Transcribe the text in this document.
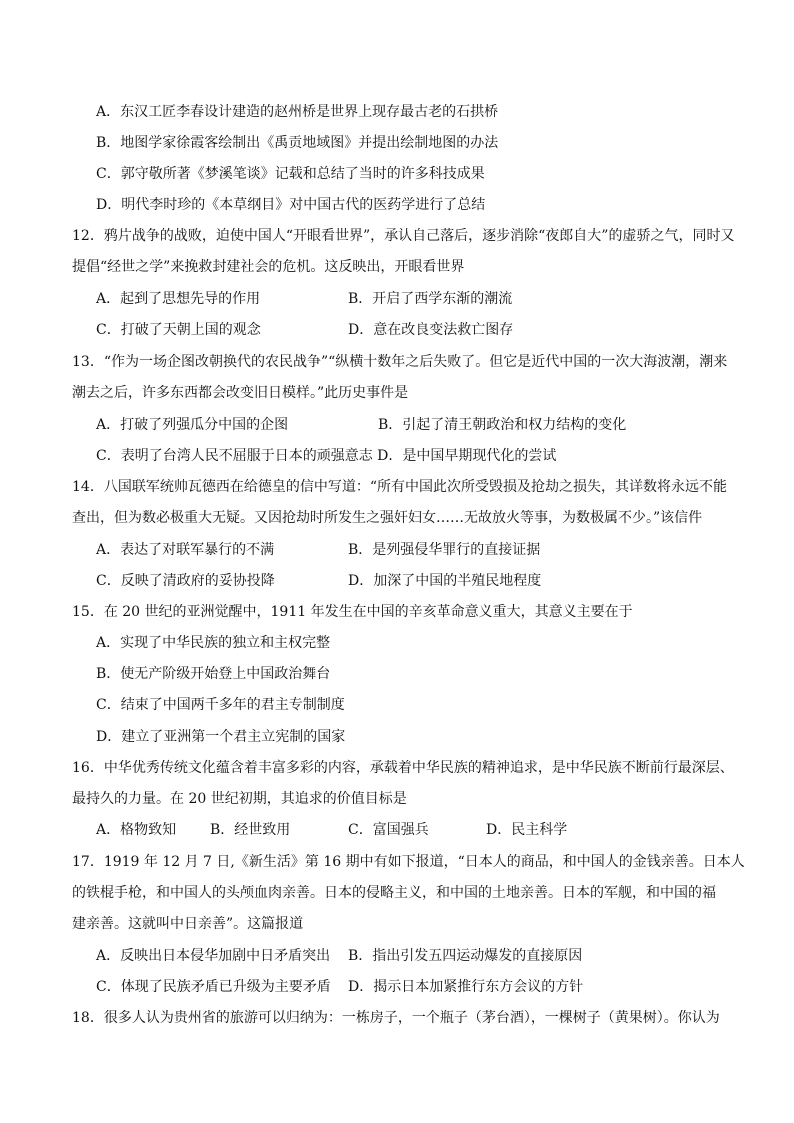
A．东汉工匠李春设计建造的赵州桥是世界上现存最古老的石拱桥
B．地图学家徐霞客绘制出《禹贡地域图》并提出绘制地图的办法
C．郭守敬所著《梦溪笔谈》记载和总结了当时的许多科技成果
D．明代李时珍的《本草纲目》对中国古代的医药学进行了总结
12．鸦片战争的战败，迫使中国人“开眼看世界”，承认自己落后，逐步消除“夜郎自大”的虚骄之气，同时又
提倡“经世之学”来挽救封建社会的危机。这反映出，开眼看世界
A．起到了思想先导的作用	B．开启了西学东渐的潮流
C．打破了天朝上国的观念	D．意在改良变法救亡图存
13．“作为一场企图改朝换代的农民战争”“纵横十数年之后失败了。但它是近代中国的一次大海波潮，潮来
潮去之后，许多东西都会改变旧日模样。”此历史事件是
A．打破了列强瓜分中国的企图	B．引起了清王朝政治和权力结构的变化
C．表明了台湾人民不屈服于日本的顽强意志 D．是中国早期现代化的尝试
14．八国联军统帅瓦德西在给德皇的信中写道：“所有中国此次所受毁损及抢劫之损失，其详数将永远不能
查出，但为数必极重大无疑。又因抢劫时所发生之强奸妇女……无故放火等事，为数极属不少。”该信件
A．表达了对联军暴行的不满	B．是列强侵华罪行的直接证据
C．反映了清政府的妥协投降	D．加深了中国的半殖民地程度
15．在 20 世纪的亚洲觉醒中，1911 年发生在中国的辛亥革命意义重大，其意义主要在于
A．实现了中华民族的独立和主权完整
B．使无产阶级开始登上中国政治舞台
C．结束了中国两千多年的君主专制制度
D．建立了亚洲第一个君主立宪制的国家
16．中华优秀传统文化蕴含着丰富多彩的内容，承载着中华民族的精神追求，是中华民族不断前行最深层、
最持久的力量。在 20 世纪初期，其追求的价值目标是
A．格物致知 B．经世致用	C．富国强兵	D．民主科学
17．1919 年 12 月 7 日,《新生活》第 16 期中有如下报道，“日本人的商品，和中国人的金钱亲善。日本人
的铁棍手枪，和中国人的头颅血肉亲善。日本的侵略主义，和中国的土地亲善。日本的军舰，和中国的福
建亲善。这就叫中日亲善”。这篇报道
A．反映出日本侵华加剧中日矛盾突出 B．指出引发五四运动爆发的直接原因
C．体现了民族矛盾已升级为主要矛盾 D．揭示日本加紧推行东方会议的方针
18．很多人认为贵州省的旅游可以归纳为：一栋房子，一个瓶子（茅台酒），一棵树子（黄果树）。你认为
